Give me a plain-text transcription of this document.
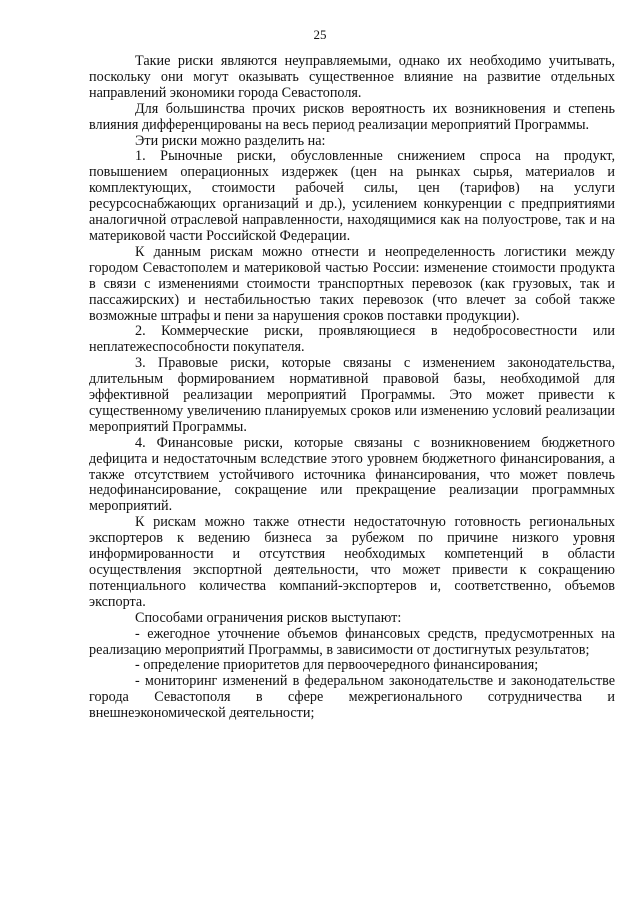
25

Такие риски являются неуправляемыми, однако их необходимо учитывать, поскольку они могут оказывать существенное влияние на развитие отдельных направлений экономики города Севастополя.

Для большинства прочих рисков вероятность их возникновения и степень влияния дифференцированы на весь период реализации мероприятий Программы.

Эти риски можно разделить на:

1. Рыночные риски, обусловленные снижением спроса на продукт, повышением операционных издержек (цен на рынках сырья, материалов и комплектующих, стоимости рабочей силы, цен (тарифов) на услуги ресурсоснабжающих организаций и др.), усилением конкуренции с предприятиями аналогичной отраслевой направленности, находящимися как на полуострове, так и на материковой части Российской Федерации.

К данным рискам можно отнести и неопределенность логистики между городом Севастополем и материковой частью России: изменение стоимости продукта в связи с изменениями стоимости транспортных перевозок (как грузовых, так и пассажирских) и нестабильностью таких перевозок (что влечет за собой также возможные штрафы и пени за нарушения сроков поставки продукции).

2. Коммерческие риски, проявляющиеся в недобросовестности или неплатежеспособности покупателя.

3. Правовые риски, которые связаны с изменением законодательства, длительным формированием нормативной правовой базы, необходимой для эффективной реализации мероприятий Программы. Это может привести к существенному увеличению планируемых сроков или изменению условий реализации мероприятий Программы.

4. Финансовые риски, которые связаны с возникновением бюджетного дефицита и недостаточным вследствие этого уровнем бюджетного финансирования, а также отсутствием устойчивого источника финансирования, что может повлечь недофинансирование, сокращение или прекращение реализации программных мероприятий.

К рискам можно также отнести недостаточную готовность региональных экспортеров к ведению бизнеса за рубежом по причине низкого уровня информированности и отсутствия необходимых компетенций в области осуществления экспортной деятельности, что может привести к сокращению потенциального количества компаний-экспортеров и, соответственно, объемов экспорта.

Способами ограничения рисков выступают:

- ежегодное уточнение объемов финансовых средств, предусмотренных на реализацию мероприятий Программы, в зависимости от достигнутых результатов;

- определение приоритетов для первоочередного финансирования;

- мониторинг изменений в федеральном законодательстве и законодательстве города Севастополя в сфере межрегионального сотрудничества и внешнеэкономической деятельности;
